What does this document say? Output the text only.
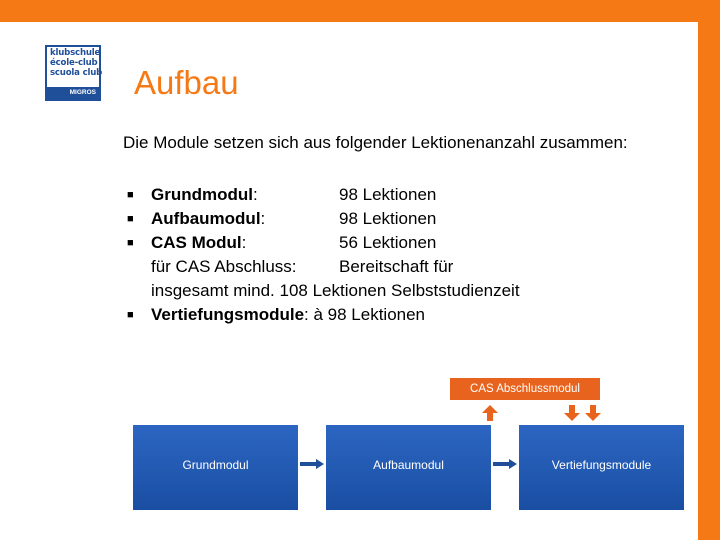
klubschule
école-club
scuola club
MIGROS Aufbau
Die Module setzen sich aus folgender Lektionenanzahl zusammen:
■ Grundmodul:	98 Lektionen
■ Aufbaumodul:	98 Lektionen
■ CAS Modul:	56 Lektionen
für CAS Abschluss: Bereitschaft für
insgesamt mind. 108 Lektionen Selbststudienzeit
■ Vertiefungsmodule: à 98 Lektionen
CAS Abschlussmodul
Grundmodul	Aufbaumodul	Vertiefungsmodule
